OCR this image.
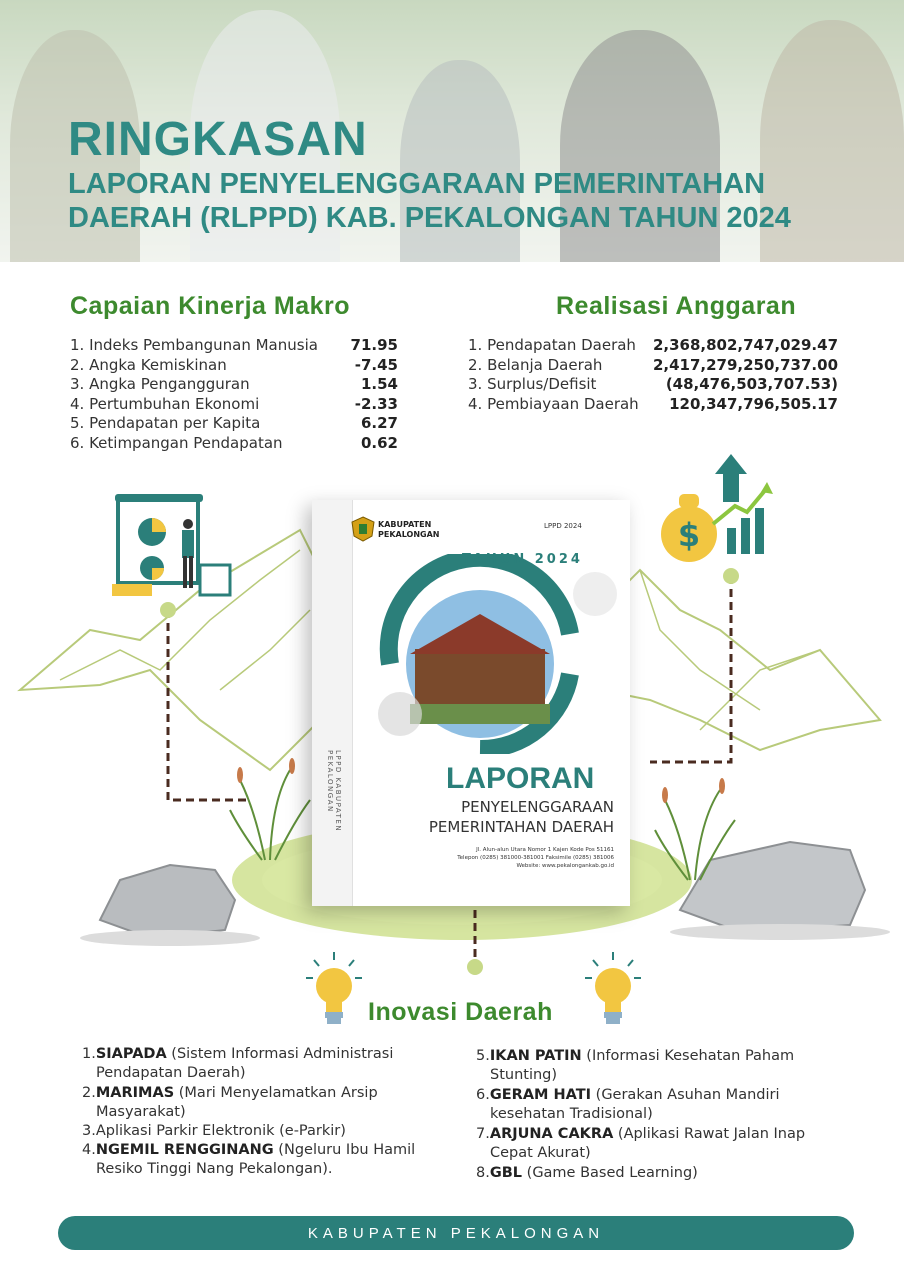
RINGKASAN
LAPORAN PENYELENGGARAAN PEMERINTAHAN
DAERAH (RLPPD) KAB. PEKALONGAN TAHUN 2024
Capaian Kinerja Makro
1. Indeks Pembangunan Manusia	71.95
2. Angka Kemiskinan	-7.45
3. Angka Pengangguran	1.54
4. Pertumbuhan Ekonomi	-2.33
5. Pendapatan per Kapita	6.27
6. Ketimpangan Pendapatan	0.62
Realisasi Anggaran
1. Pendapatan Daerah	2,368,802,747,029.47
2. Belanja Daerah	2,417,279,250,737.00
3. Surplus/Defisit	(48,476,503,707.53)
4. Pembiayaan Daerah	120,347,796,505.17
$
LPPD KABUPATEN PEKALONGAN
KABUPATEN
PEKALONGAN
LPPD 2024
TAHUN 2024
LAPORAN
PENYELENGGARAAN
PEMERINTAHAN DAERAH
Jl. Alun-alun Utara Nomor 1 Kajen Kode Pos 51161
Telepon (0285) 381000-381001 Faksimile (0285) 381006
Website: www.pekalongankab.go.id
Inovasi Daerah
1.SIAPADA (Sistem Informasi Administrasi
Pendapatan Daerah)
2.MARIMAS (Mari Menyelamatkan Arsip
Masyarakat)
3.Aplikasi Parkir Elektronik (e-Parkir)
4.NGEMIL RENGGINANG (Ngeluru Ibu Hamil
Resiko Tinggi Nang Pekalongan).
5.IKAN PATIN (Informasi Kesehatan Paham
Stunting)
6.GERAM HATI (Gerakan Asuhan Mandiri
kesehatan Tradisional)
7.ARJUNA CAKRA (Aplikasi Rawat Jalan Inap
Cepat Akurat)
8.GBL (Game Based Learning)
KABUPATEN PEKALONGAN
